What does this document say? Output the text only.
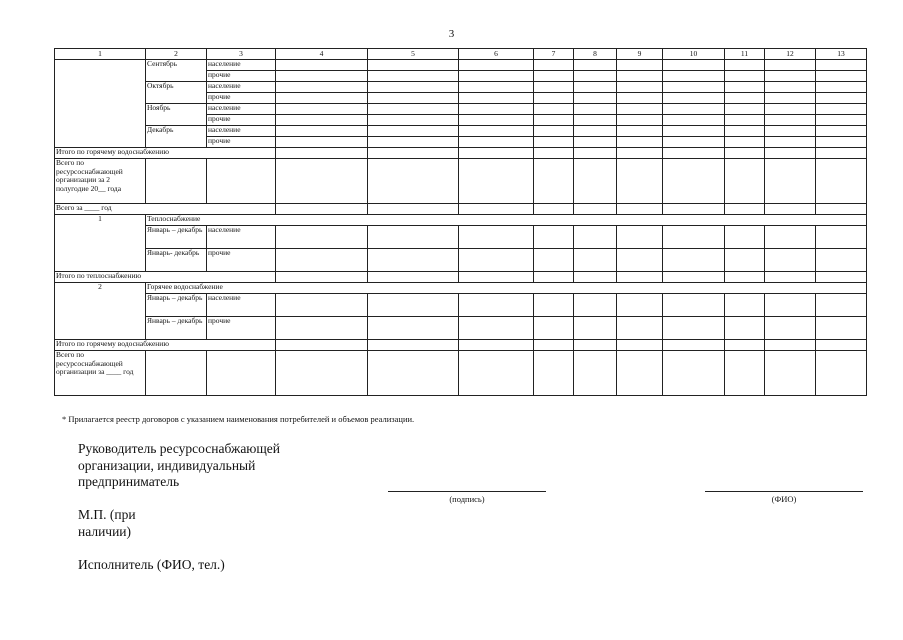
3
1	2	3	4	5	6	7	8	9	10	11	12	13
	Сентябрь	население										
		прочие										
	Октябрь	население										
		прочие										
	Ноябрь	население										
		прочие										
	Декабрь	население										
		прочие										
Итого по горячему водоснабжению												
Всего по ресурсоснабжающей организации за 2 полугодие 20__ года												
Всего за ____ год												
1	Теплоснабжение											
	Январь – декабрь	население										
	Январь- декабрь	прочие										
Итого по теплоснабжению												
2	Горячее водоснабжение											
	Январь – декабрь	население										
	Январь – декабрь	прочие										
Итого по горячему водоснабжению												
Всего по ресурсоснабжающей организации за ____ год												
* Прилагается реестр договоров с указанием наименования потребителей и объемов реализации.
Руководитель ресурсоснабжающей организации, индивидуальный предприниматель
(подпись)	(ФИО)
М.П. (при наличии)
Исполнитель (ФИО, тел.)
